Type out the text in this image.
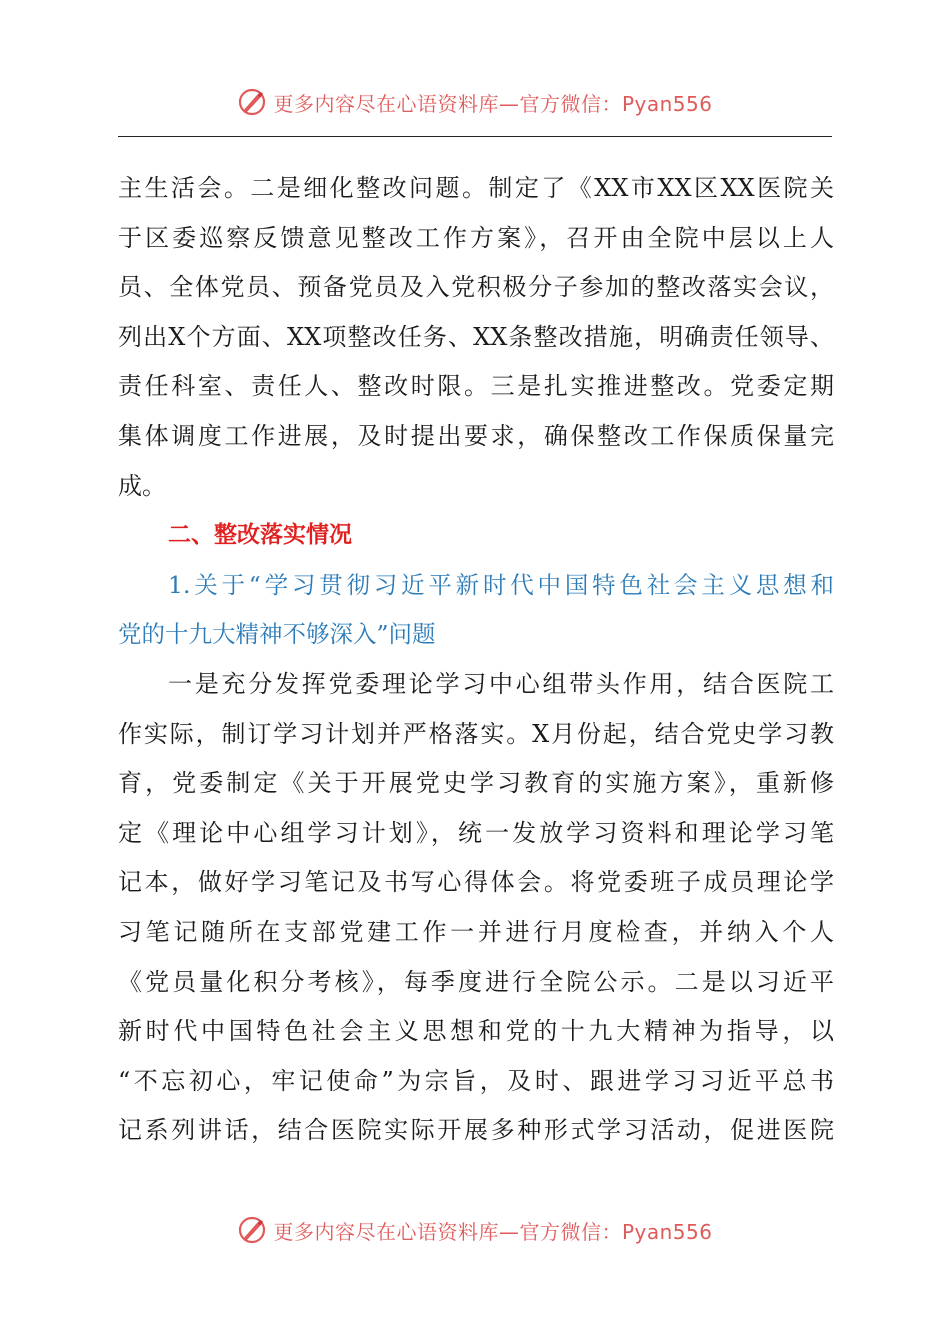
更多内容尽在心语资料库—官方微信：Pyan556
主生活会。二是细化整改问题。制定了《XX市XX区XX医院关
于区委巡察反馈意见整改工作方案》，召开由全院中层以上人
员、全体党员、预备党员及入党积极分子参加的整改落实会议，
列出X个方面、XX项整改任务、XX条整改措施，明确责任领导、
责任科室、责任人、整改时限。三是扎实推进整改。党委定期
集体调度工作进展，及时提出要求，确保整改工作保质保量完
成。
二、整改落实情况
1.关于“学习贯彻习近平新时代中国特色社会主义思想和
党的十九大精神不够深入”问题
一是充分发挥党委理论学习中心组带头作用，结合医院工
作实际，制订学习计划并严格落实。X月份起，结合党史学习教
育，党委制定《关于开展党史学习教育的实施方案》，重新修
定《理论中心组学习计划》，统一发放学习资料和理论学习笔
记本，做好学习笔记及书写心得体会。将党委班子成员理论学
习笔记随所在支部党建工作一并进行月度检查，并纳入个人
《党员量化积分考核》，每季度进行全院公示。二是以习近平
新时代中国特色社会主义思想和党的十九大精神为指导，以
“不忘初心，牢记使命”为宗旨，及时、跟进学习习近平总书
记系列讲话，结合医院实际开展多种形式学习活动，促进医院
更多内容尽在心语资料库—官方微信：Pyan556
